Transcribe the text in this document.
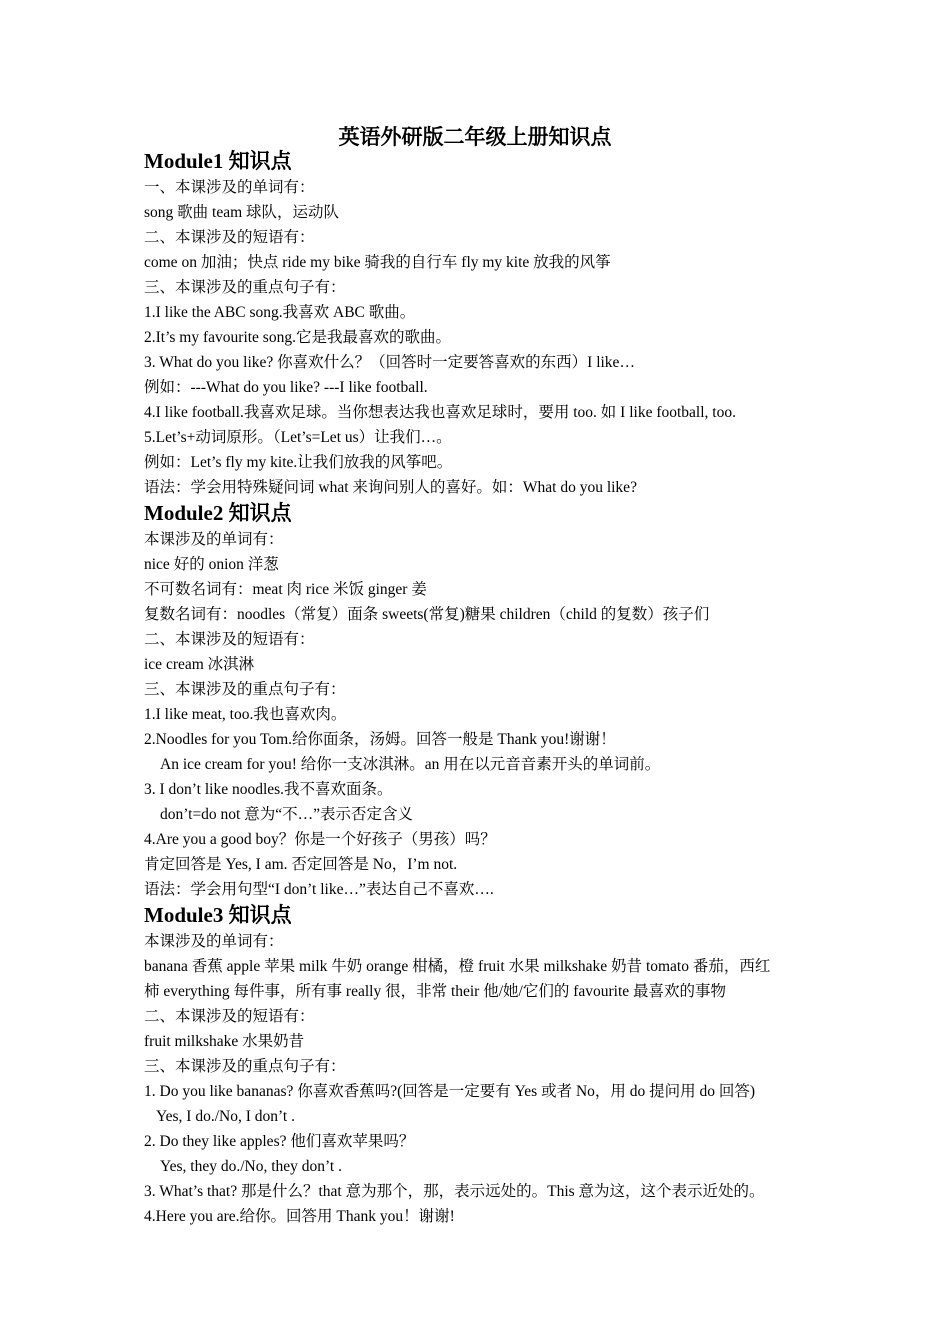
英语外研版二年级上册知识点
Module1 知识点
一、本课涉及的单词有：
song 歌曲 team 球队，运动队
二、本课涉及的短语有：
come on 加油；快点 ride my bike 骑我的自行车 fly my kite 放我的风筝
三、本课涉及的重点句子有：
1.I like the ABC song.我喜欢 ABC 歌曲。
2.It’s my favourite song.它是我最喜欢的歌曲。
3. What do you like? 你喜欢什么？（回答时一定要答喜欢的东西）I like…
例如：---What do you like? ---I like football.
4.I like football.我喜欢足球。当你想表达我也喜欢足球时，要用 too. 如 I like football, too.
5.Let’s+动词原形。（Let’s=Let us）让我们…。
例如：Let’s fly my kite.让我们放我的风筝吧。
语法：学会用特殊疑问词 what 来询问别人的喜好。如：What do you like?
Module2 知识点
本课涉及的单词有：
nice 好的 onion 洋葱
不可数名词有：meat 肉 rice 米饭 ginger 姜
复数名词有：noodles（常复）面条 sweets(常复)糖果 children（child 的复数）孩子们
二、本课涉及的短语有：
ice cream 冰淇淋
三、本课涉及的重点句子有：
1.I like meat, too.我也喜欢肉。
2.Noodles for you Tom.给你面条，汤姆。回答一般是 Thank you!谢谢！
An ice cream for you! 给你一支冰淇淋。an 用在以元音音素开头的单词前。
3. I don’t like noodles.我不喜欢面条。
don’t=do not 意为“不…”表示否定含义
4.Are you a good boy？你是一个好孩子（男孩）吗？
肯定回答是 Yes, I am. 否定回答是 No，I’m not.
语法：学会用句型“I don’t like…”表达自己不喜欢….
Module3 知识点
本课涉及的单词有：
banana 香蕉 apple 苹果 milk 牛奶 orange 柑橘，橙 fruit 水果 milkshake 奶昔 tomato 番茄，西红
柿 everything 每件事，所有事 really 很，非常 their 他/她/它们的 favourite 最喜欢的事物
二、本课涉及的短语有：
fruit milkshake 水果奶昔
三、本课涉及的重点句子有：
1. Do you like bananas? 你喜欢香蕉吗?(回答是一定要有 Yes 或者 No，用 do 提问用 do 回答)
Yes, I do./No, I don’t .
2. Do they like apples? 他们喜欢苹果吗？
Yes, they do./No, they don’t .
3. What’s that? 那是什么？that 意为那个，那，表示远处的。This 意为这，这个表示近处的。
4.Here you are.给你。回答用 Thank you！谢谢!
